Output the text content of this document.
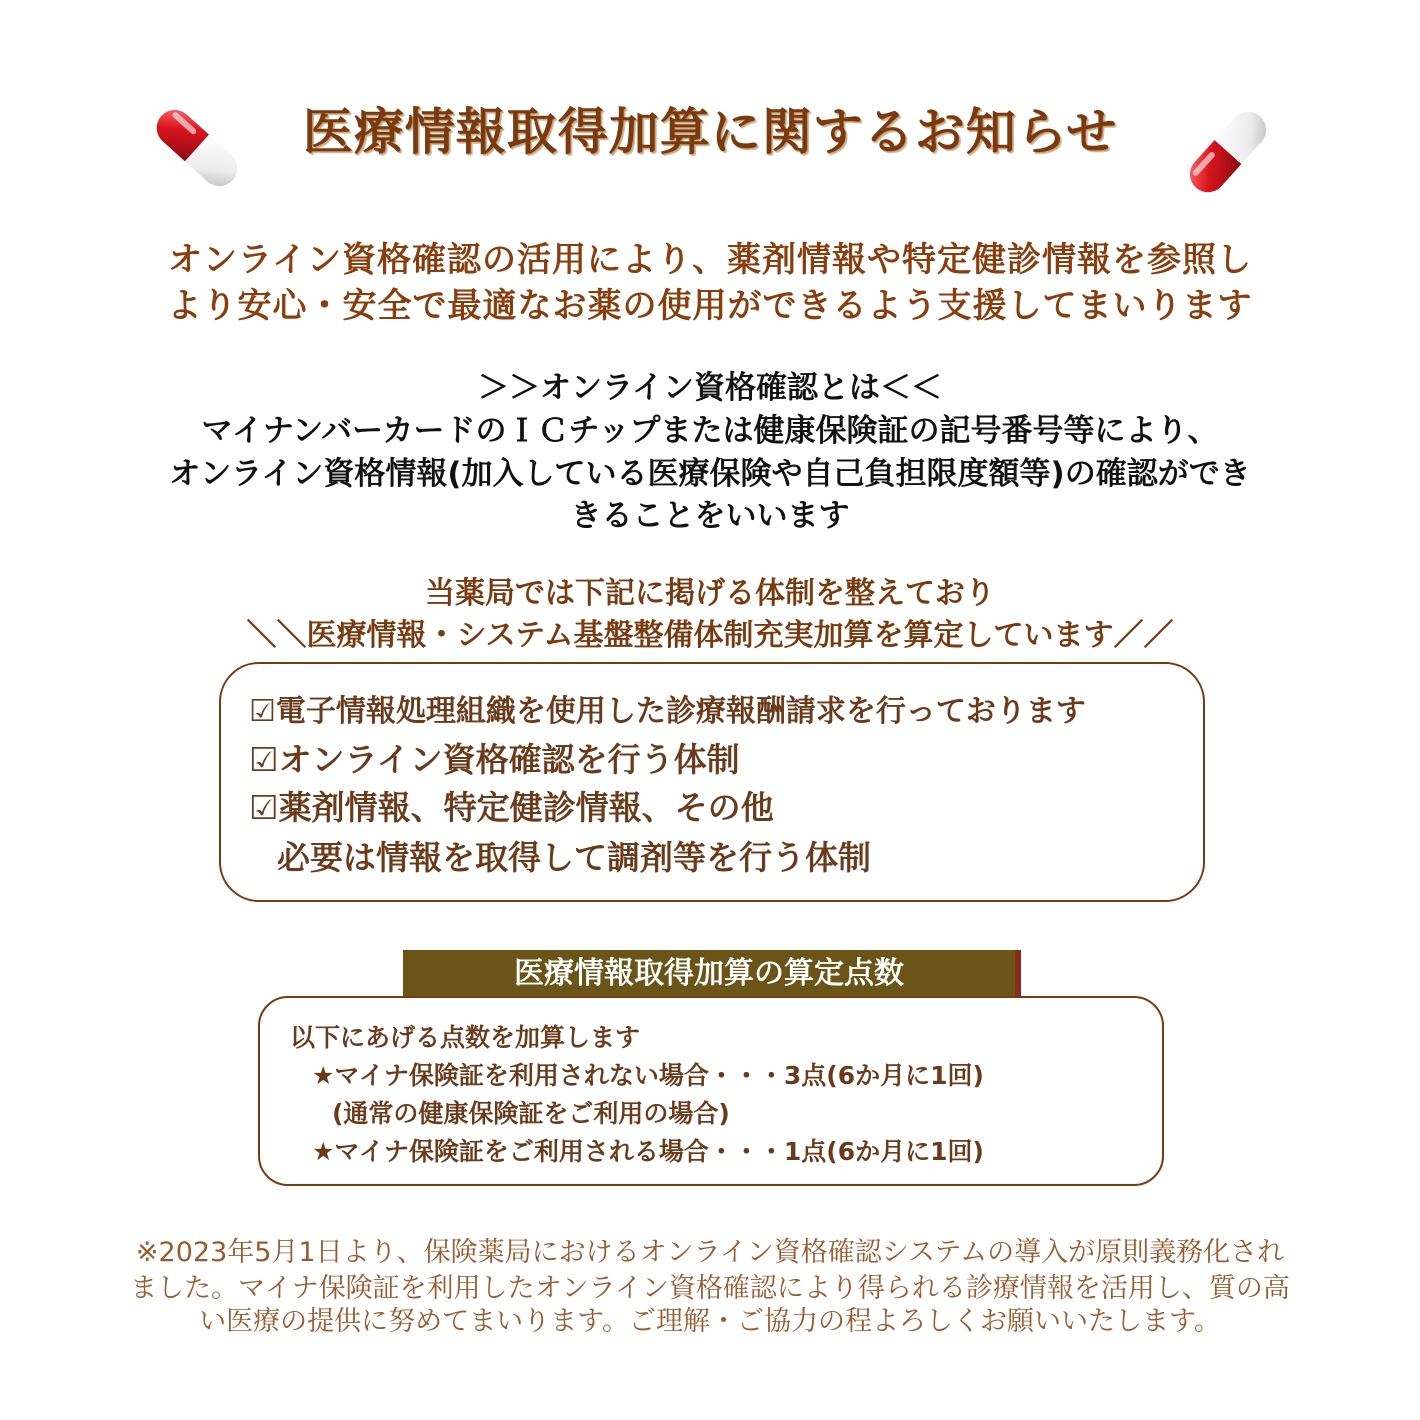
医療情報取得加算に関するお知らせ
オンライン資格確認の活用により、薬剤情報や特定健診情報を参照し
より安心・安全で最適なお薬の使用ができるよう支援してまいります
＞＞オンライン資格確認とは＜＜
マイナンバーカードのＩＣチップまたは健康保険証の記号番号等により、
オンライン資格情報(加入している医療保険や自己負担限度額等)の確認ができ
きることをいいます
当薬局では下記に掲げる体制を整えており
＼＼医療情報・システム基盤整備体制充実加算を算定しています／／
☑電子情報処理組織を使用した診療報酬請求を行っております
☑オンライン資格確認を行う体制
☑薬剤情報、特定健診情報、その他
必要は情報を取得して調剤等を行う体制
医療情報取得加算の算定点数
以下にあげる点数を加算します
★マイナ保険証を利用されない場合・・・3点(6か月に1回)
(通常の健康保険証をご利用の場合)
★マイナ保険証をご利用される場合・・・1点(6か月に1回)
※2023年5月1日より、保険薬局におけるオンライン資格確認システムの導入が原則義務化され
ました。マイナ保険証を利用したオンライン資格確認により得られる診療情報を活用し、質の高
い医療の提供に努めてまいります。ご理解・ご協力の程よろしくお願いいたします。
